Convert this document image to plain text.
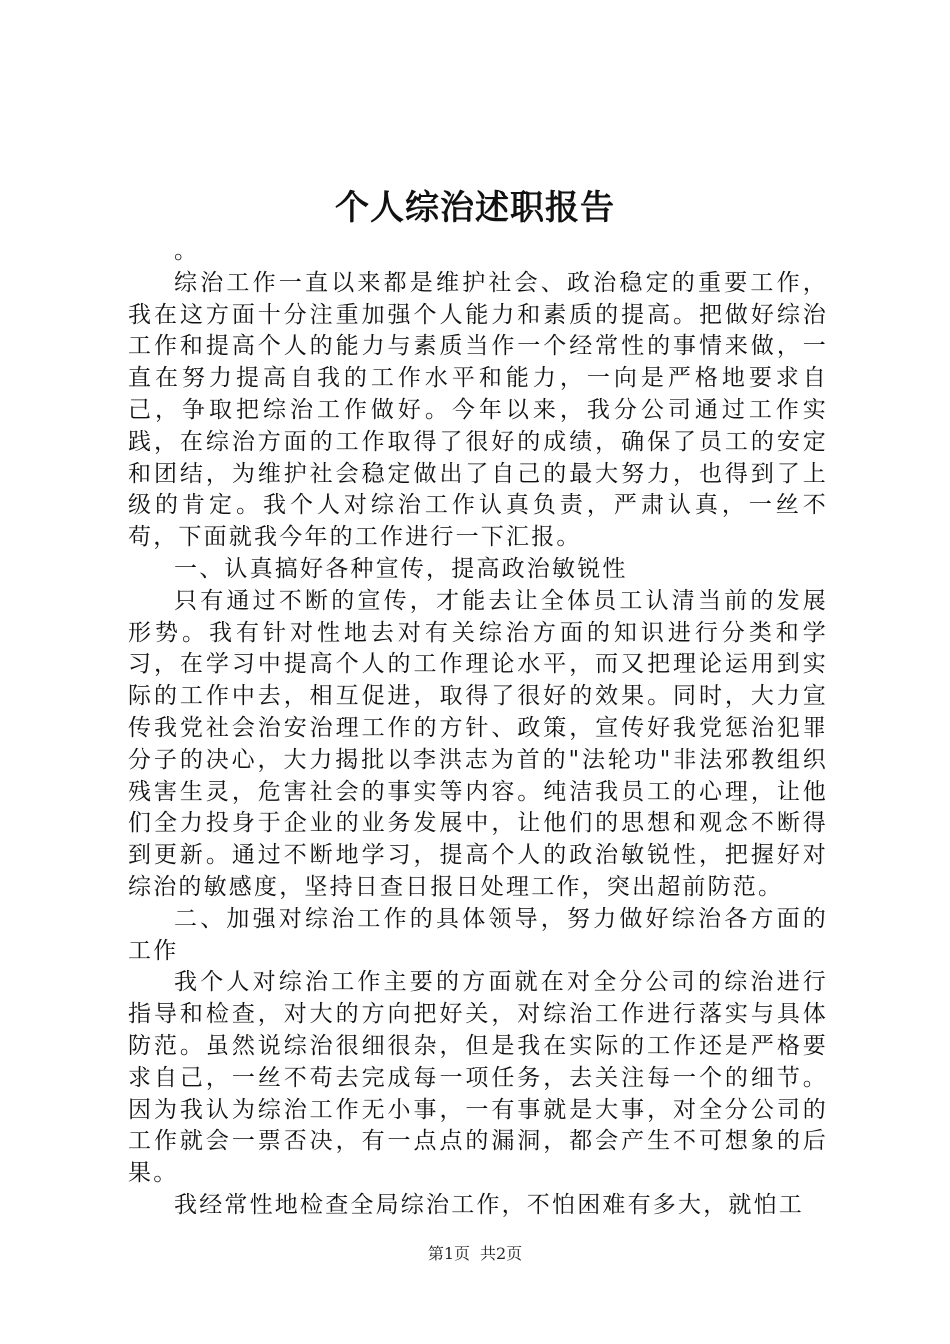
个人综治述职报告

。

综治工作一直以来都是维护社会、政治稳定的重要工作，我在这方面十分注重加强个人能力和素质的提高。把做好综治工作和提高个人的能力与素质当作一个经常性的事情来做，一直在努力提高自我的工作水平和能力，一向是严格地要求自己，争取把综治工作做好。今年以来，我分公司通过工作实践，在综治方面的工作取得了很好的成绩，确保了员工的安定和团结，为维护社会稳定做出了自己的最大努力，也得到了上级的肯定。我个人对综治工作认真负责，严肃认真，一丝不苟，下面就我今年的工作进行一下汇报。

一、认真搞好各种宣传，提高政治敏锐性

只有通过不断的宣传，才能去让全体员工认清当前的发展形势。我有针对性地去对有关综治方面的知识进行分类和学习，在学习中提高个人的工作理论水平，而又把理论运用到实际的工作中去，相互促进，取得了很好的效果。同时，大力宣传我党社会治安治理工作的方针、政策，宣传好我党惩治犯罪分子的决心，大力揭批以李洪志为首的"法轮功"非法邪教组织残害生灵，危害社会的事实等内容。纯洁我员工的心理，让他们全力投身于企业的业务发展中，让他们的思想和观念不断得到更新。通过不断地学习，提高个人的政治敏锐性，把握好对综治的敏感度，坚持日查日报日处理工作，突出超前防范。

二、加强对综治工作的具体领导，努力做好综治各方面的工作

我个人对综治工作主要的方面就在对全分公司的综治进行指导和检查，对大的方向把好关，对综治工作进行落实与具体防范。虽然说综治很细很杂，但是我在实际的工作还是严格要求自己，一丝不苟去完成每一项任务，去关注每一个的细节。因为我认为综治工作无小事，一有事就是大事，对全分公司的工作就会一票否决，有一点点的漏洞，都会产生不可想象的后果。

我经常性地检查全局综治工作，不怕困难有多大，就怕工

第1页 共2页
